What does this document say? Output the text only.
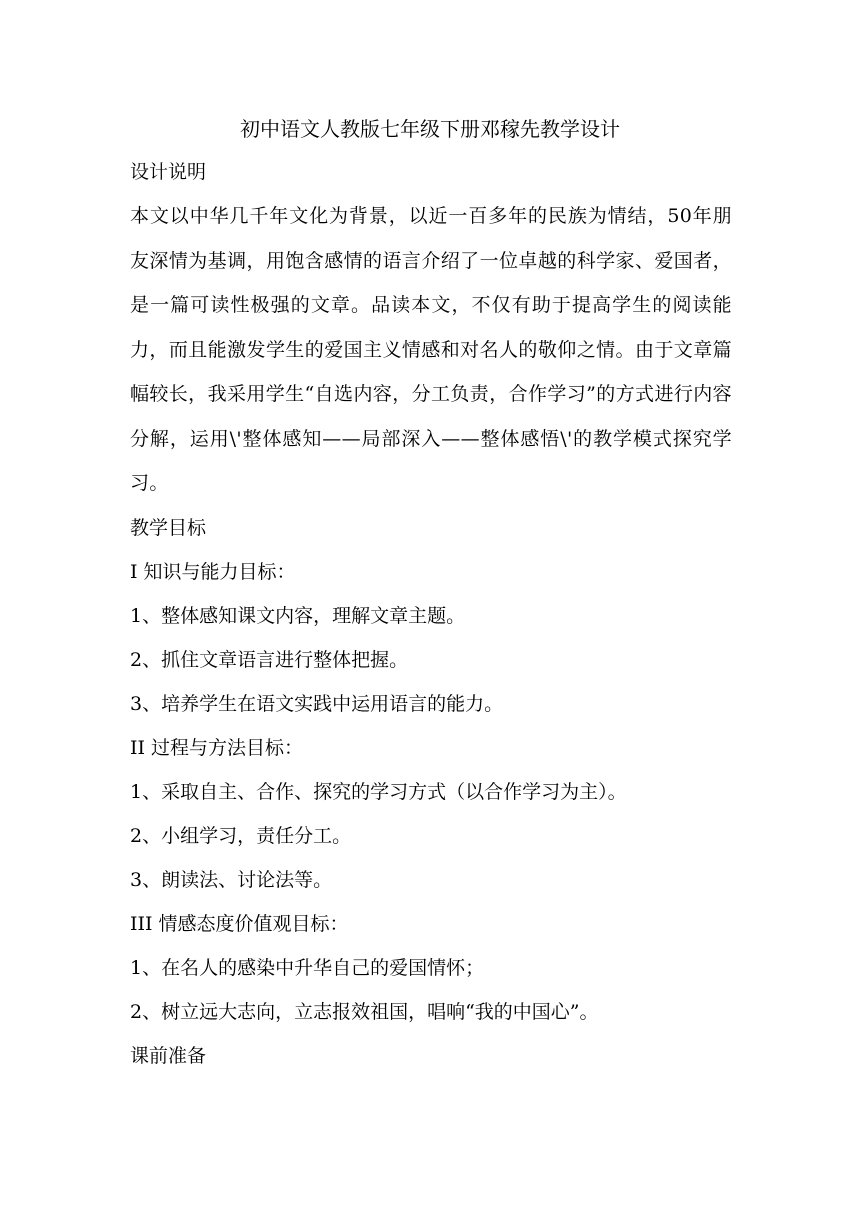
初中语文人教版七年级下册邓稼先教学设计

设计说明

本文以中华几千年文化为背景，以近一百多年的民族为情结，50年朋友深情为基调，用饱含感情的语言介绍了一位卓越的科学家、爱国者，是一篇可读性极强的文章。品读本文，不仅有助于提高学生的阅读能力，而且能激发学生的爱国主义情感和对名人的敬仰之情。由于文章篇幅较长，我采用学生“自选内容，分工负责，合作学习”的方式进行内容分解，运用\'整体感知——局部深入——整体感悟\'的教学模式探究学习。

教学目标

I 知识与能力目标：

1、整体感知课文内容，理解文章主题。

2、抓住文章语言进行整体把握。

3、培养学生在语文实践中运用语言的能力。

II 过程与方法目标：

1、采取自主、合作、探究的学习方式（以合作学习为主）。

2、小组学习，责任分工。

3、朗读法、讨论法等。

III 情感态度价值观目标：

1、在名人的感染中升华自己的爱国情怀；

2、树立远大志向，立志报效祖国，唱响“我的中国心”。

课前准备
